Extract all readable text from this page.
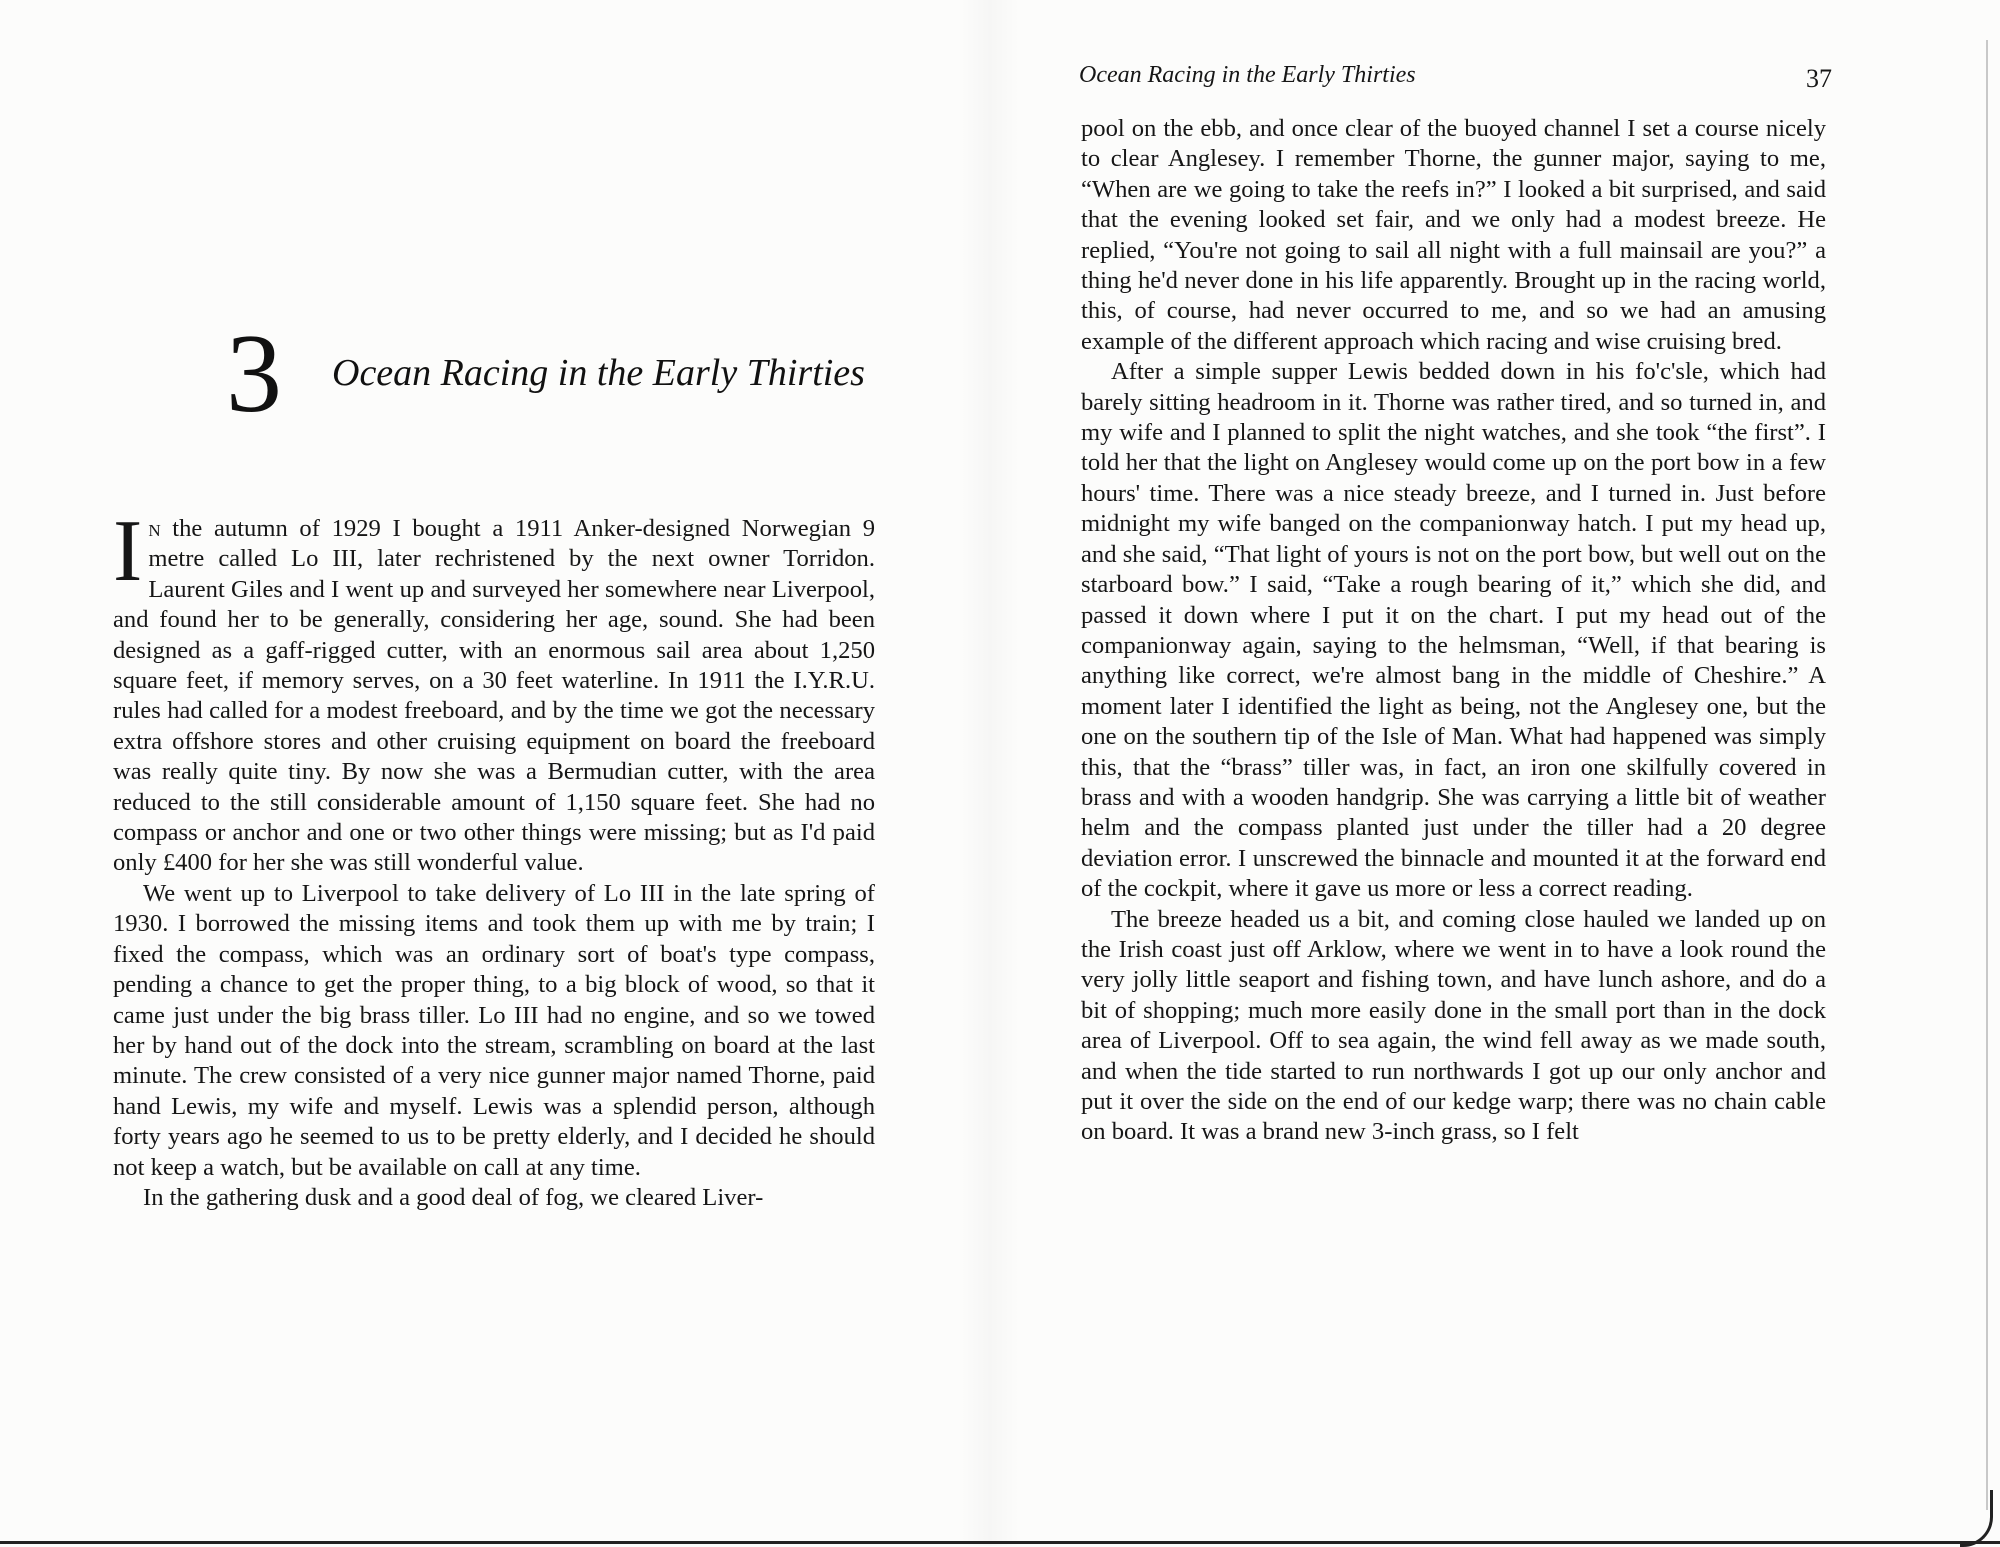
3 Ocean Racing in the Early Thirties

In the autumn of 1929 I bought a 1911 Anker-designed Norwegian 9 metre called Lo III, later rechristened by the next owner Torridon. Laurent Giles and I went up and surveyed her somewhere near Liverpool, and found her to be generally, considering her age, sound. She had been designed as a gaff-rigged cutter, with an enormous sail area about 1,250 square feet, if memory serves, on a 30 feet waterline. In 1911 the I.Y.R.U. rules had called for a modest freeboard, and by the time we got the necessary extra offshore stores and other cruising equipment on board the freeboard was really quite tiny. By now she was a Bermudian cutter, with the area reduced to the still considerable amount of 1,150 square feet. She had no compass or anchor and one or two other things were missing; but as I'd paid only £400 for her she was still wonderful value.

We went up to Liverpool to take delivery of Lo III in the late spring of 1930. I borrowed the missing items and took them up with me by train; I fixed the compass, which was an ordinary sort of boat's type compass, pending a chance to get the proper thing, to a big block of wood, so that it came just under the big brass tiller. Lo III had no engine, and so we towed her by hand out of the dock into the stream, scrambling on board at the last minute. The crew consisted of a very nice gunner major named Thorne, paid hand Lewis, my wife and myself. Lewis was a splendid person, although forty years ago he seemed to us to be pretty elderly, and I decided he should not keep a watch, but be available on call at any time.

In the gathering dusk and a good deal of fog, we cleared Liver-

Ocean Racing in the Early Thirties	37

pool on the ebb, and once clear of the buoyed channel I set a course nicely to clear Anglesey. I remember Thorne, the gunner major, saying to me, “When are we going to take the reefs in?” I looked a bit surprised, and said that the evening looked set fair, and we only had a modest breeze. He replied, “You're not going to sail all night with a full mainsail are you?” a thing he'd never done in his life apparently. Brought up in the racing world, this, of course, had never occurred to me, and so we had an amusing example of the different approach which racing and wise cruising bred.

After a simple supper Lewis bedded down in his fo'c'sle, which had barely sitting headroom in it. Thorne was rather tired, and so turned in, and my wife and I planned to split the night watches, and she took “the first”. I told her that the light on Anglesey would come up on the port bow in a few hours' time. There was a nice steady breeze, and I turned in. Just before midnight my wife banged on the companionway hatch. I put my head up, and she said, “That light of yours is not on the port bow, but well out on the starboard bow.” I said, “Take a rough bearing of it,” which she did, and passed it down where I put it on the chart. I put my head out of the companionway again, saying to the helmsman, “Well, if that bearing is anything like correct, we're almost bang in the middle of Cheshire.” A moment later I identified the light as being, not the Anglesey one, but the one on the southern tip of the Isle of Man. What had happened was simply this, that the “brass” tiller was, in fact, an iron one skilfully covered in brass and with a wooden handgrip. She was carrying a little bit of weather helm and the compass planted just under the tiller had a 20 degree deviation error. I unscrewed the binnacle and mounted it at the forward end of the cockpit, where it gave us more or less a correct reading.

The breeze headed us a bit, and coming close hauled we landed up on the Irish coast just off Arklow, where we went in to have a look round the very jolly little seaport and fishing town, and have lunch ashore, and do a bit of shopping; much more easily done in the small port than in the dock area of Liverpool. Off to sea again, the wind fell away as we made south, and when the tide started to run northwards I got up our only anchor and put it over the side on the end of our kedge warp; there was no chain cable on board. It was a brand new 3-inch grass, so I felt
